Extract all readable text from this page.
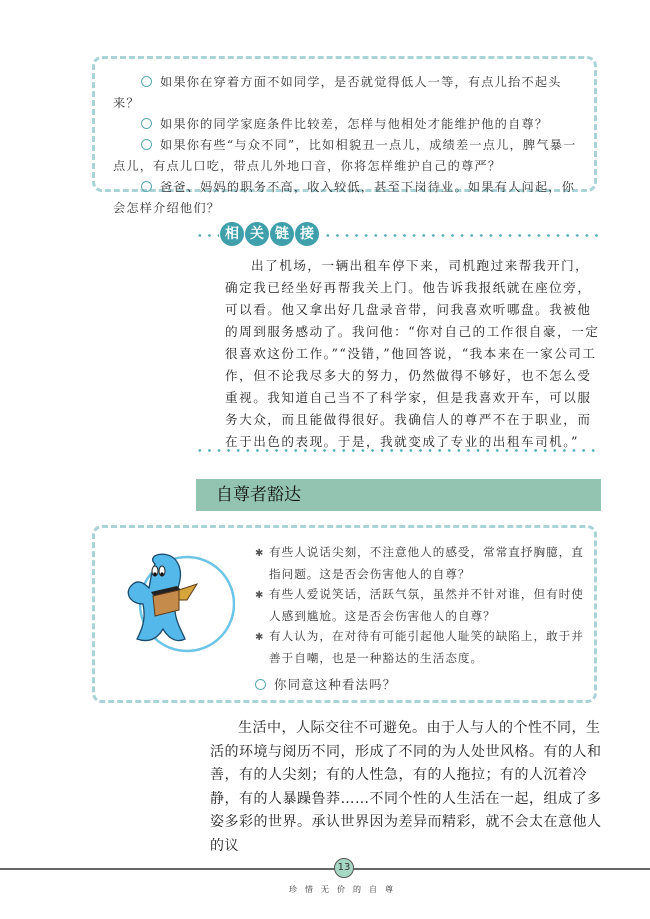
如果你在穿着方面不如同学，是否就觉得低人一等，有点儿抬不起头来？

如果你的同学家庭条件比较差，怎样与他相处才能维护他的自尊？

如果你有些“与众不同”，比如相貌丑一点儿，成绩差一点儿，脾气暴一点儿，有点儿口吃，带点儿外地口音，你将怎样维护自己的尊严？

爸爸、妈妈的职务不高，收入较低，甚至下岗待业。如果有人问起，你会怎样介绍他们？

相 关 链 接

出了机场，一辆出租车停下来，司机跑过来帮我开门，确定我已经坐好再帮我关上门。他告诉我报纸就在座位旁，可以看。他又拿出好几盘录音带，问我喜欢听哪盘。我被他的周到服务感动了。我问他：“你对自己的工作很自豪，一定很喜欢这份工作。”“没错，”他回答说，“我本来在一家公司工作，但不论我尽多大的努力，仍然做得不够好，也不怎么受重视。我知道自己当不了科学家，但是我喜欢开车，可以服务大众，而且能做得很好。我确信人的尊严不在于职业，而在于出色的表现。于是，我就变成了专业的出租车司机。”

自尊者豁达
✱ 有些人说话尖刻，不注意他人的感受，常常直抒胸臆，直指问题。这是否会伤害他人的自尊？
✱ 有些人爱说笑话，活跃气氛，虽然并不针对谁，但有时使人感到尴尬。这是否会伤害他人的自尊？
✱ 有人认为，在对待有可能引起他人耻笑的缺陷上，敢于并善于自嘲，也是一种豁达的生活态度。
你同意这种看法吗？

生活中，人际交往不可避免。由于人与人的个性不同，生活的环境与阅历不同，形成了不同的为人处世风格。有的人和善，有的人尖刻；有的人性急，有的人拖拉；有的人沉着冷静，有的人暴躁鲁莽……不同个性的人生活在一起，组成了多姿多彩的世界。承认世界因为差异而精彩，就不会太在意他人的议

13
珍惜无价的自尊
